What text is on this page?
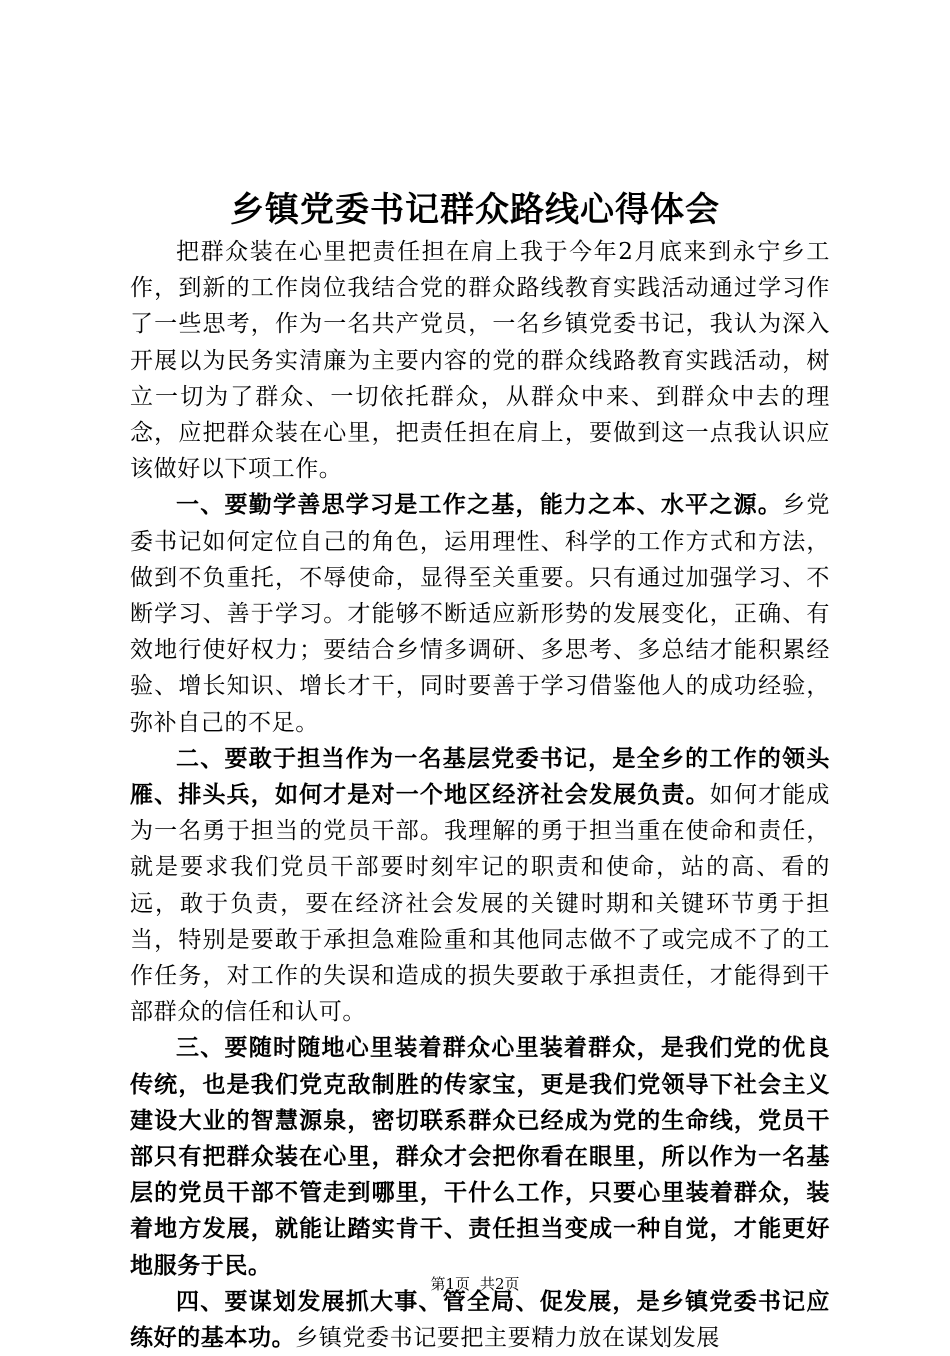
乡镇党委书记群众路线心得体会

把群众装在心里把责任担在肩上我于今年2月底来到永宁乡工作，到新的工作岗位我结合党的群众路线教育实践活动通过学习作了一些思考，作为一名共产党员，一名乡镇党委书记，我认为深入开展以为民务实清廉为主要内容的党的群众线路教育实践活动，树立一切为了群众、一切依托群众，从群众中来、到群众中去的理念，应把群众装在心里，把责任担在肩上，要做到这一点我认识应该做好以下项工作。

一、要勤学善思学习是工作之基，能力之本、水平之源。乡党委书记如何定位自己的角色，运用理性、科学的工作方式和方法，做到不负重托，不辱使命，显得至关重要。只有通过加强学习、不断学习、善于学习。才能够不断适应新形势的发展变化，正确、有效地行使好权力；要结合乡情多调研、多思考、多总结才能积累经验、增长知识、增长才干，同时要善于学习借鉴他人的成功经验，弥补自己的不足。

二、要敢于担当作为一名基层党委书记，是全乡的工作的领头雁、排头兵，如何才是对一个地区经济社会发展负责。如何才能成为一名勇于担当的党员干部。我理解的勇于担当重在使命和责任，就是要求我们党员干部要时刻牢记的职责和使命，站的高、看的远，敢于负责，要在经济社会发展的关键时期和关键环节勇于担当，特别是要敢于承担急难险重和其他同志做不了或完成不了的工作任务，对工作的失误和造成的损失要敢于承担责任，才能得到干部群众的信任和认可。

三、要随时随地心里装着群众心里装着群众，是我们党的优良传统，也是我们党克敌制胜的传家宝，更是我们党领导下社会主义建设大业的智慧源泉，密切联系群众已经成为党的生命线，党员干部只有把群众装在心里，群众才会把你看在眼里，所以作为一名基层的党员干部不管走到哪里，干什么工作，只要心里装着群众，装着地方发展，就能让踏实肯干、责任担当变成一种自觉，才能更好地服务于民。

四、要谋划发展抓大事、管全局、促发展，是乡镇党委书记应练好的基本功。乡镇党委书记要把主要精力放在谋划发展

第1页 共2页
